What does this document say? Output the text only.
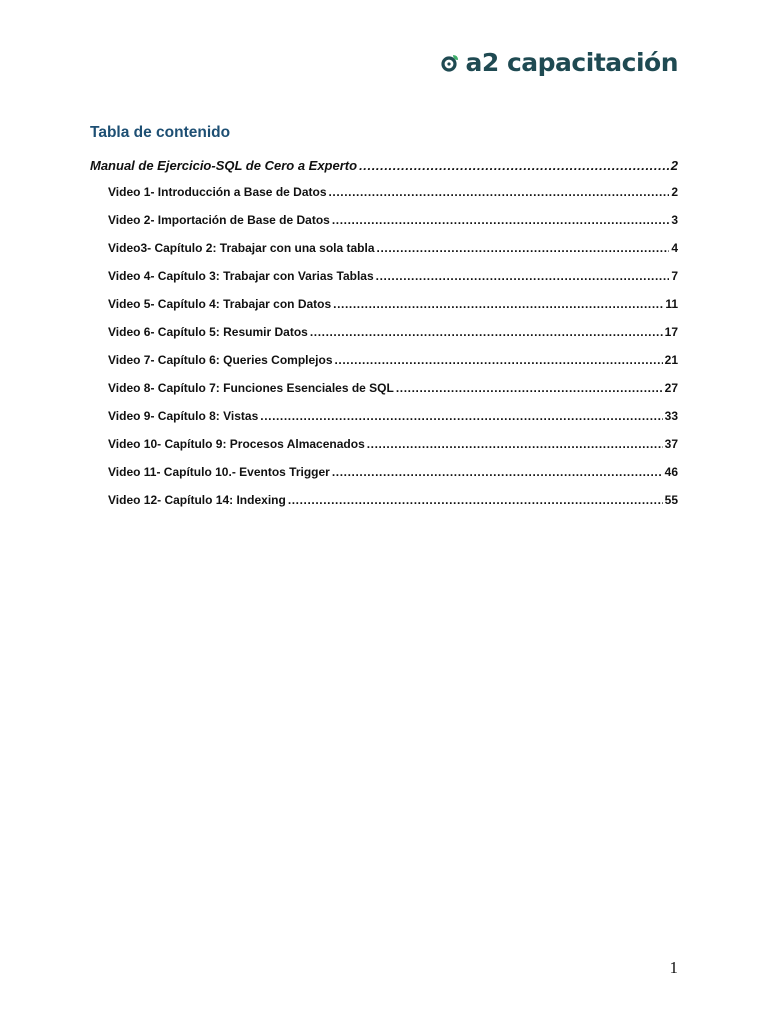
a2 capacitación
Tabla de contenido
Manual de Ejercicio-SQL de Cero a Experto .....	2
Video 1- Introducción a Base de Datos .....	2
Video 2- Importación de Base de Datos .....	3
Video3- Capítulo 2: Trabajar con una sola tabla .....	4
Video 4- Capítulo 3: Trabajar con Varias Tablas .....	7
Video 5- Capítulo 4: Trabajar con Datos .....	11
Video 6- Capítulo 5: Resumir Datos .....	17
Video 7- Capítulo 6: Queries Complejos .....	21
Video 8- Capítulo 7: Funciones Esenciales de SQL .....	27
Video 9- Capítulo 8: Vistas .....	33
Video 10- Capítulo 9: Procesos Almacenados .....	37
Video 11- Capítulo 10.- Eventos Trigger .....	46
Video 12- Capítulo 14: Indexing .....	55
1
